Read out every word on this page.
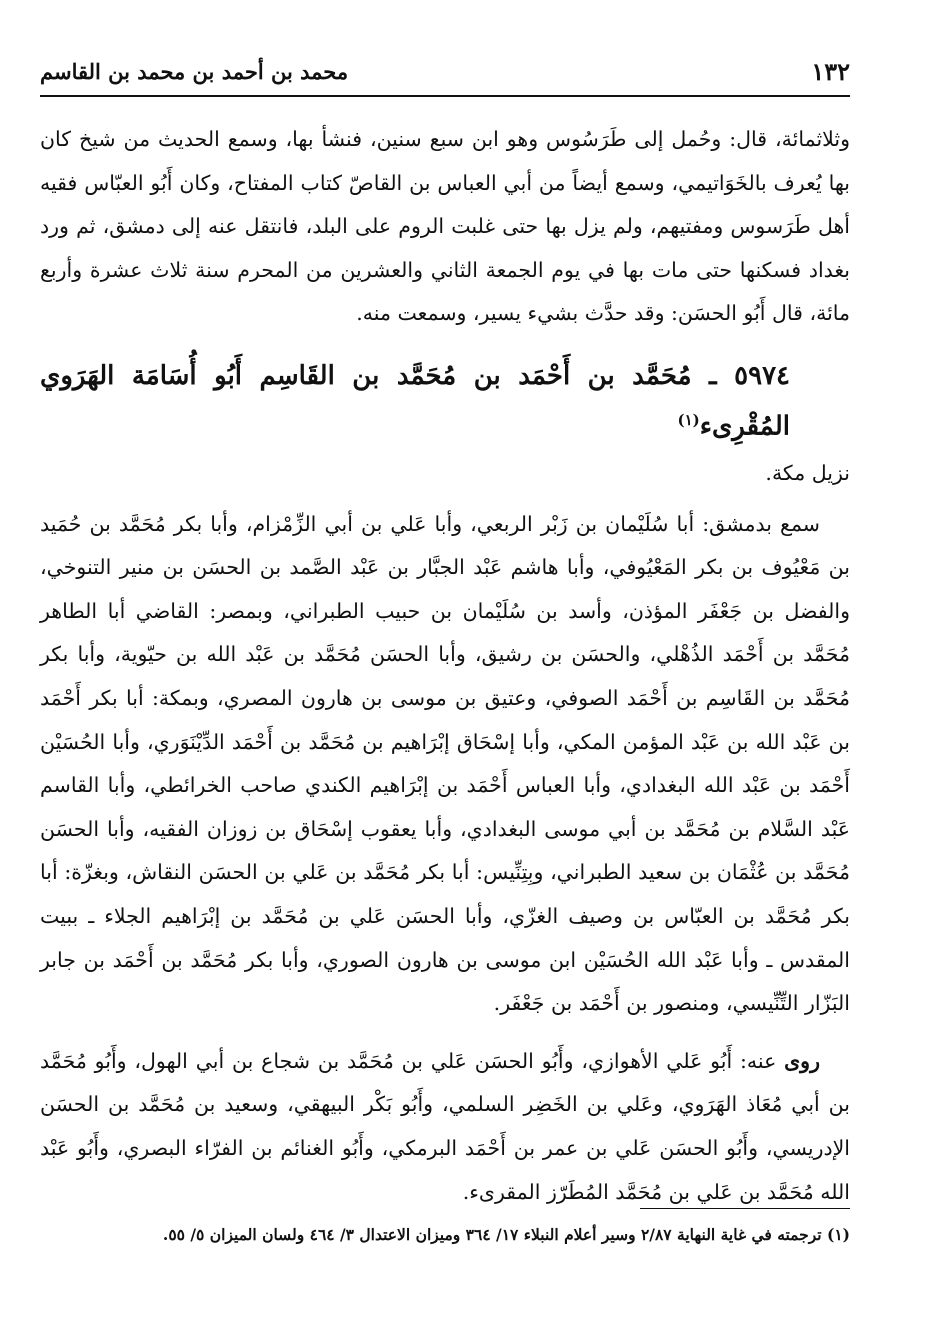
١٣٢
محمد بن أحمد بن محمد بن القاسم

وثلاثمائة، قال: وحُمل إلى طَرَسُوس وهو ابن سبع سنين، فنشأ بها، وسمع الحديث من شيخ كان بها يُعرف بالخَوَاتيمي، وسمع أيضاً من أبي العباس بن القاصّ كتاب المفتاح، وكان أَبُو العبّاس فقيه أهل طَرَسوس ومفتيهم، ولم يزل بها حتى غلبت الروم على البلد، فانتقل عنه إلى دمشق، ثم ورد بغداد فسكنها حتى مات بها في يوم الجمعة الثاني والعشرين من المحرم سنة ثلاث عشرة وأربع مائة، قال أَبُو الحسَن: وقد حدَّث بشيء يسير، وسمعت منه.

٥٩٧٤ ـ مُحَمَّد بن أَحْمَد بن مُحَمَّد بن القَاسِم أَبُو أُسَامَة الهَرَوي المُقْرِىء$^{(١)}$

نزيل مكة.

سمع بدمشق: أبا سُلَيْمان بن زَبْر الربعي، وأبا عَلي بن أبي الزِّمْزام، وأبا بكر مُحَمَّد بن حُمَيد بن مَعْيُوف بن بكر المَعْيُوفي، وأبا هاشم عَبْد الجبَّار بن عَبْد الصَّمد بن الحسَن بن منير التنوخي، والفضل بن جَعْفَر المؤذن، وأسد بن سُلَيْمان بن حبيب الطبراني، وبمصر: القاضي أبا الطاهر مُحَمَّد بن أَحْمَد الذُهْلي، والحسَن بن رشيق، وأبا الحسَن مُحَمَّد بن عَبْد الله بن حيّوية، وأبا بكر مُحَمَّد بن القَاسِم بن أَحْمَد الصوفي، وعتيق بن موسى بن هارون المصري، وبمكة: أبا بكر أَحْمَد بن عَبْد الله بن عَبْد المؤمن المكي، وأبا إسْحَاق إبْرَاهيم بن مُحَمَّد بن أَحْمَد الدِّيْنَوَري، وأبا الحُسَيْن أَحْمَد بن عَبْد الله البغدادي، وأبا العباس أَحْمَد بن إبْرَاهيم الكندي صاحب الخرائطي، وأبا القاسم عَبْد السَّلام بن مُحَمَّد بن أبي موسى البغدادي، وأبا يعقوب إسْحَاق بن زوزان الفقيه، وأبا الحسَن مُحَمَّد بن عُثْمَان بن سعيد الطبراني، وبِتِنِّيس: أبا بكر مُحَمَّد بن عَلي بن الحسَن النقاش، وبغزّة: أبا بكر مُحَمَّد بن العبّاس بن وصيف الغزّي، وأبا الحسَن عَلي بن مُحَمَّد بن إبْرَاهيم الجلاء ـ ببيت المقدس ـ وأبا عَبْد الله الحُسَيْن ابن موسى بن هارون الصوري، وأبا بكر مُحَمَّد بن أَحْمَد بن جابر البَزّار التِّنِّيسي، ومنصور بن أَحْمَد بن جَعْفَر.

روى عنه: أَبُو عَلي الأهوازي، وأَبُو الحسَن عَلي بن مُحَمَّد بن شجاع بن أبي الهول، وأَبُو مُحَمَّد بن أبي مُعَاذ الهَرَوي، وعَلي بن الخَضِر السلمي، وأَبُو بَكْر البيهقي، وسعيد بن مُحَمَّد بن الحسَن الإدريسي، وأَبُو الحسَن عَلي بن عمر بن أَحْمَد البرمكي، وأَبُو الغنائم بن الفرّاء البصري، وأَبُو عَبْد الله مُحَمَّد بن عَلي بن مُحَمَّد المُطَرّز المقرىء.

(١) ترجمته في غاية النهاية ٢/٨٧ وسير أعلام النبلاء ١٧/ ٣٦٤ وميزان الاعتدال ٣/ ٤٦٤ ولسان الميزان ٥/ ٥٥.
